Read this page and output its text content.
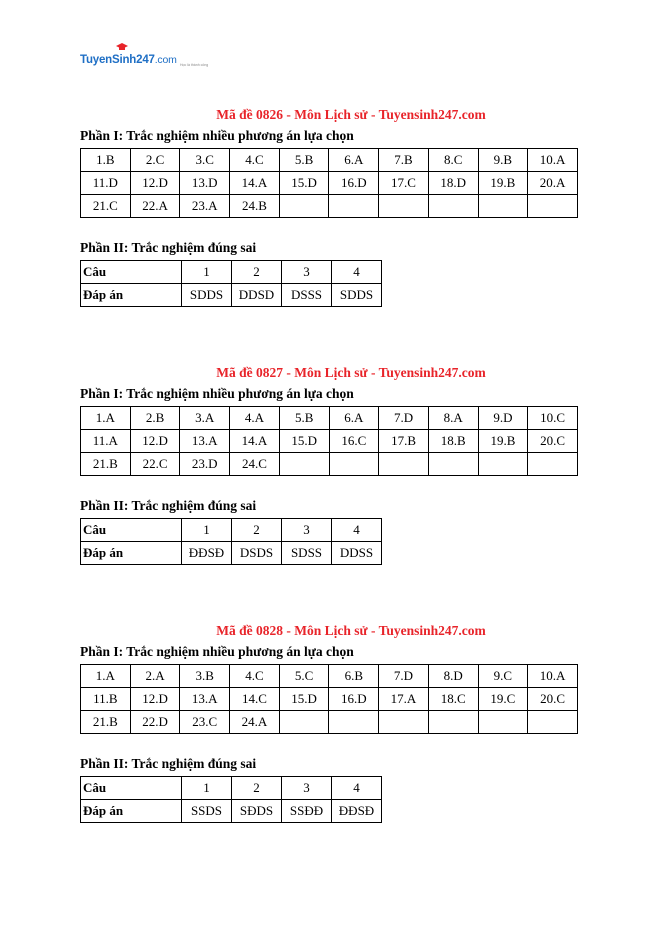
TuyenSinh247.com Học là thành công
Mã đề 0826 - Môn Lịch sử - Tuyensinh247.com
Phần I: Trắc nghiệm nhiều phương án lựa chọn
1.B	2.C	3.C	4.C	5.B	6.A	7.B	8.C	9.B	10.A
11.D	12.D	13.D	14.A	15.D	16.D	17.C	18.D	19.B	20.A
21.C	22.A	23.A	24.B						
Phần II: Trắc nghiệm đúng sai
Câu	1	2	3	4
Đáp án	SDDS	DDSD	DSSS	SDDS
Mã đề 0827 - Môn Lịch sử - Tuyensinh247.com
Phần I: Trắc nghiệm nhiều phương án lựa chọn
1.A	2.B	3.A	4.A	5.B	6.A	7.D	8.A	9.D	10.C
11.A	12.D	13.A	14.A	15.D	16.C	17.B	18.B	19.B	20.C
21.B	22.C	23.D	24.C						
Phần II: Trắc nghiệm đúng sai
Câu	1	2	3	4
Đáp án	ĐĐSĐ	DSDS	SDSS	DDSS
Mã đề 0828 - Môn Lịch sử - Tuyensinh247.com
Phần I: Trắc nghiệm nhiều phương án lựa chọn
1.A	2.A	3.B	4.C	5.C	6.B	7.D	8.D	9.C	10.A
11.B	12.D	13.A	14.C	15.D	16.D	17.A	18.C	19.C	20.C
21.B	22.D	23.C	24.A						
Phần II: Trắc nghiệm đúng sai
Câu	1	2	3	4
Đáp án	SSDS	SĐDS	SSĐĐ	ĐĐSĐ
